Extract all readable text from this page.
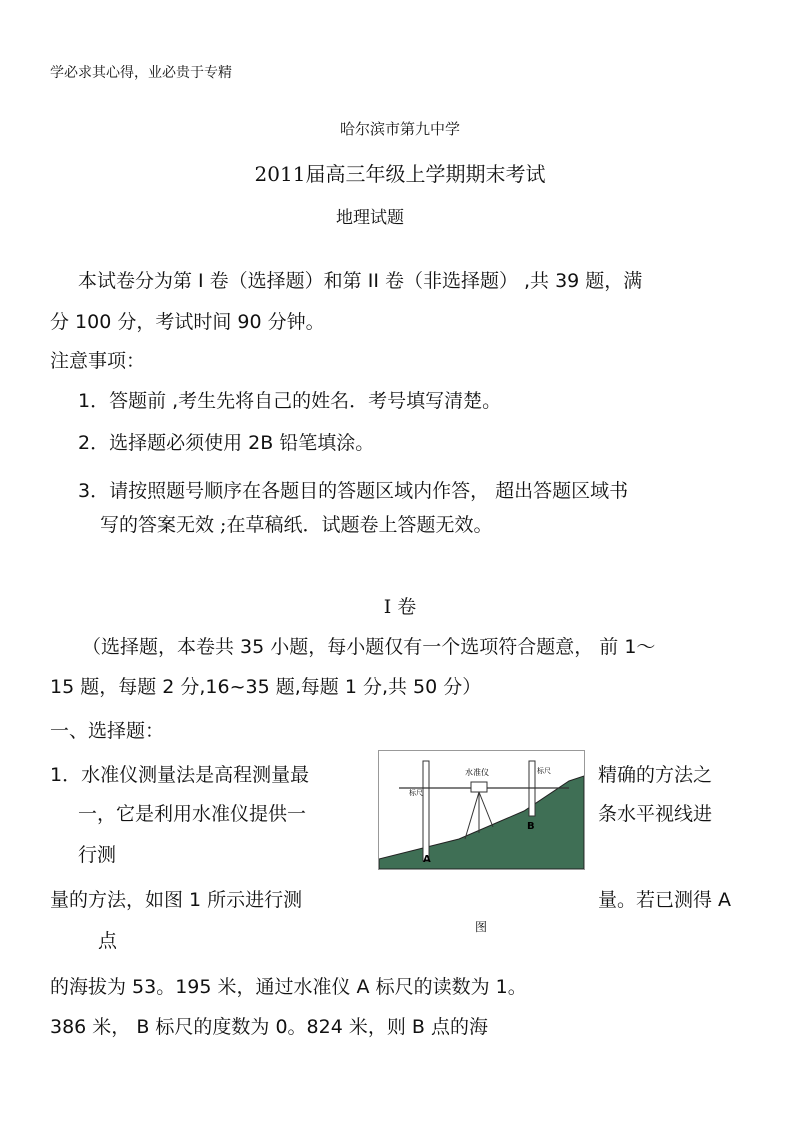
学必求其心得，业必贵于专精
哈尔滨市第九中学
2011届高三年级上学期期末考试
地理试题
本试卷分为第 I 卷（选择题）和第 II 卷（非选择题） ,共 39 题，满
分 100 分，考试时间 90 分钟。
注意事项：
1．答题前 ,考生先将自己的姓名．考号填写清楚。
2．选择题必须使用 2B 铅笔填涂。
3．请按照题号顺序在各题目的答题区域内作答， 超出答题区域书
写的答案无效 ;在草稿纸．试题卷上答题无效。
I 卷
（选择题，本卷共 35 小题，每小题仅有一个选项符合题意， 前 1～
15 题，每题 2 分,16~35 题,每题 1 分,共 50 分）
一、选择题：
1．水准仪测量法是高程测量最
一，它是利用水准仪提供一
行测
精确的方法之
条水平视线进
量的方法，如图 1 所示进行测	量。若已测得 A
点
的海拔为 53。195 米，通过水准仪 A 标尺的读数为 1。
386 米， B 标尺的度数为 0。824 米，则 B 点的海
水准仪
标尺
标尺
A
B
图
